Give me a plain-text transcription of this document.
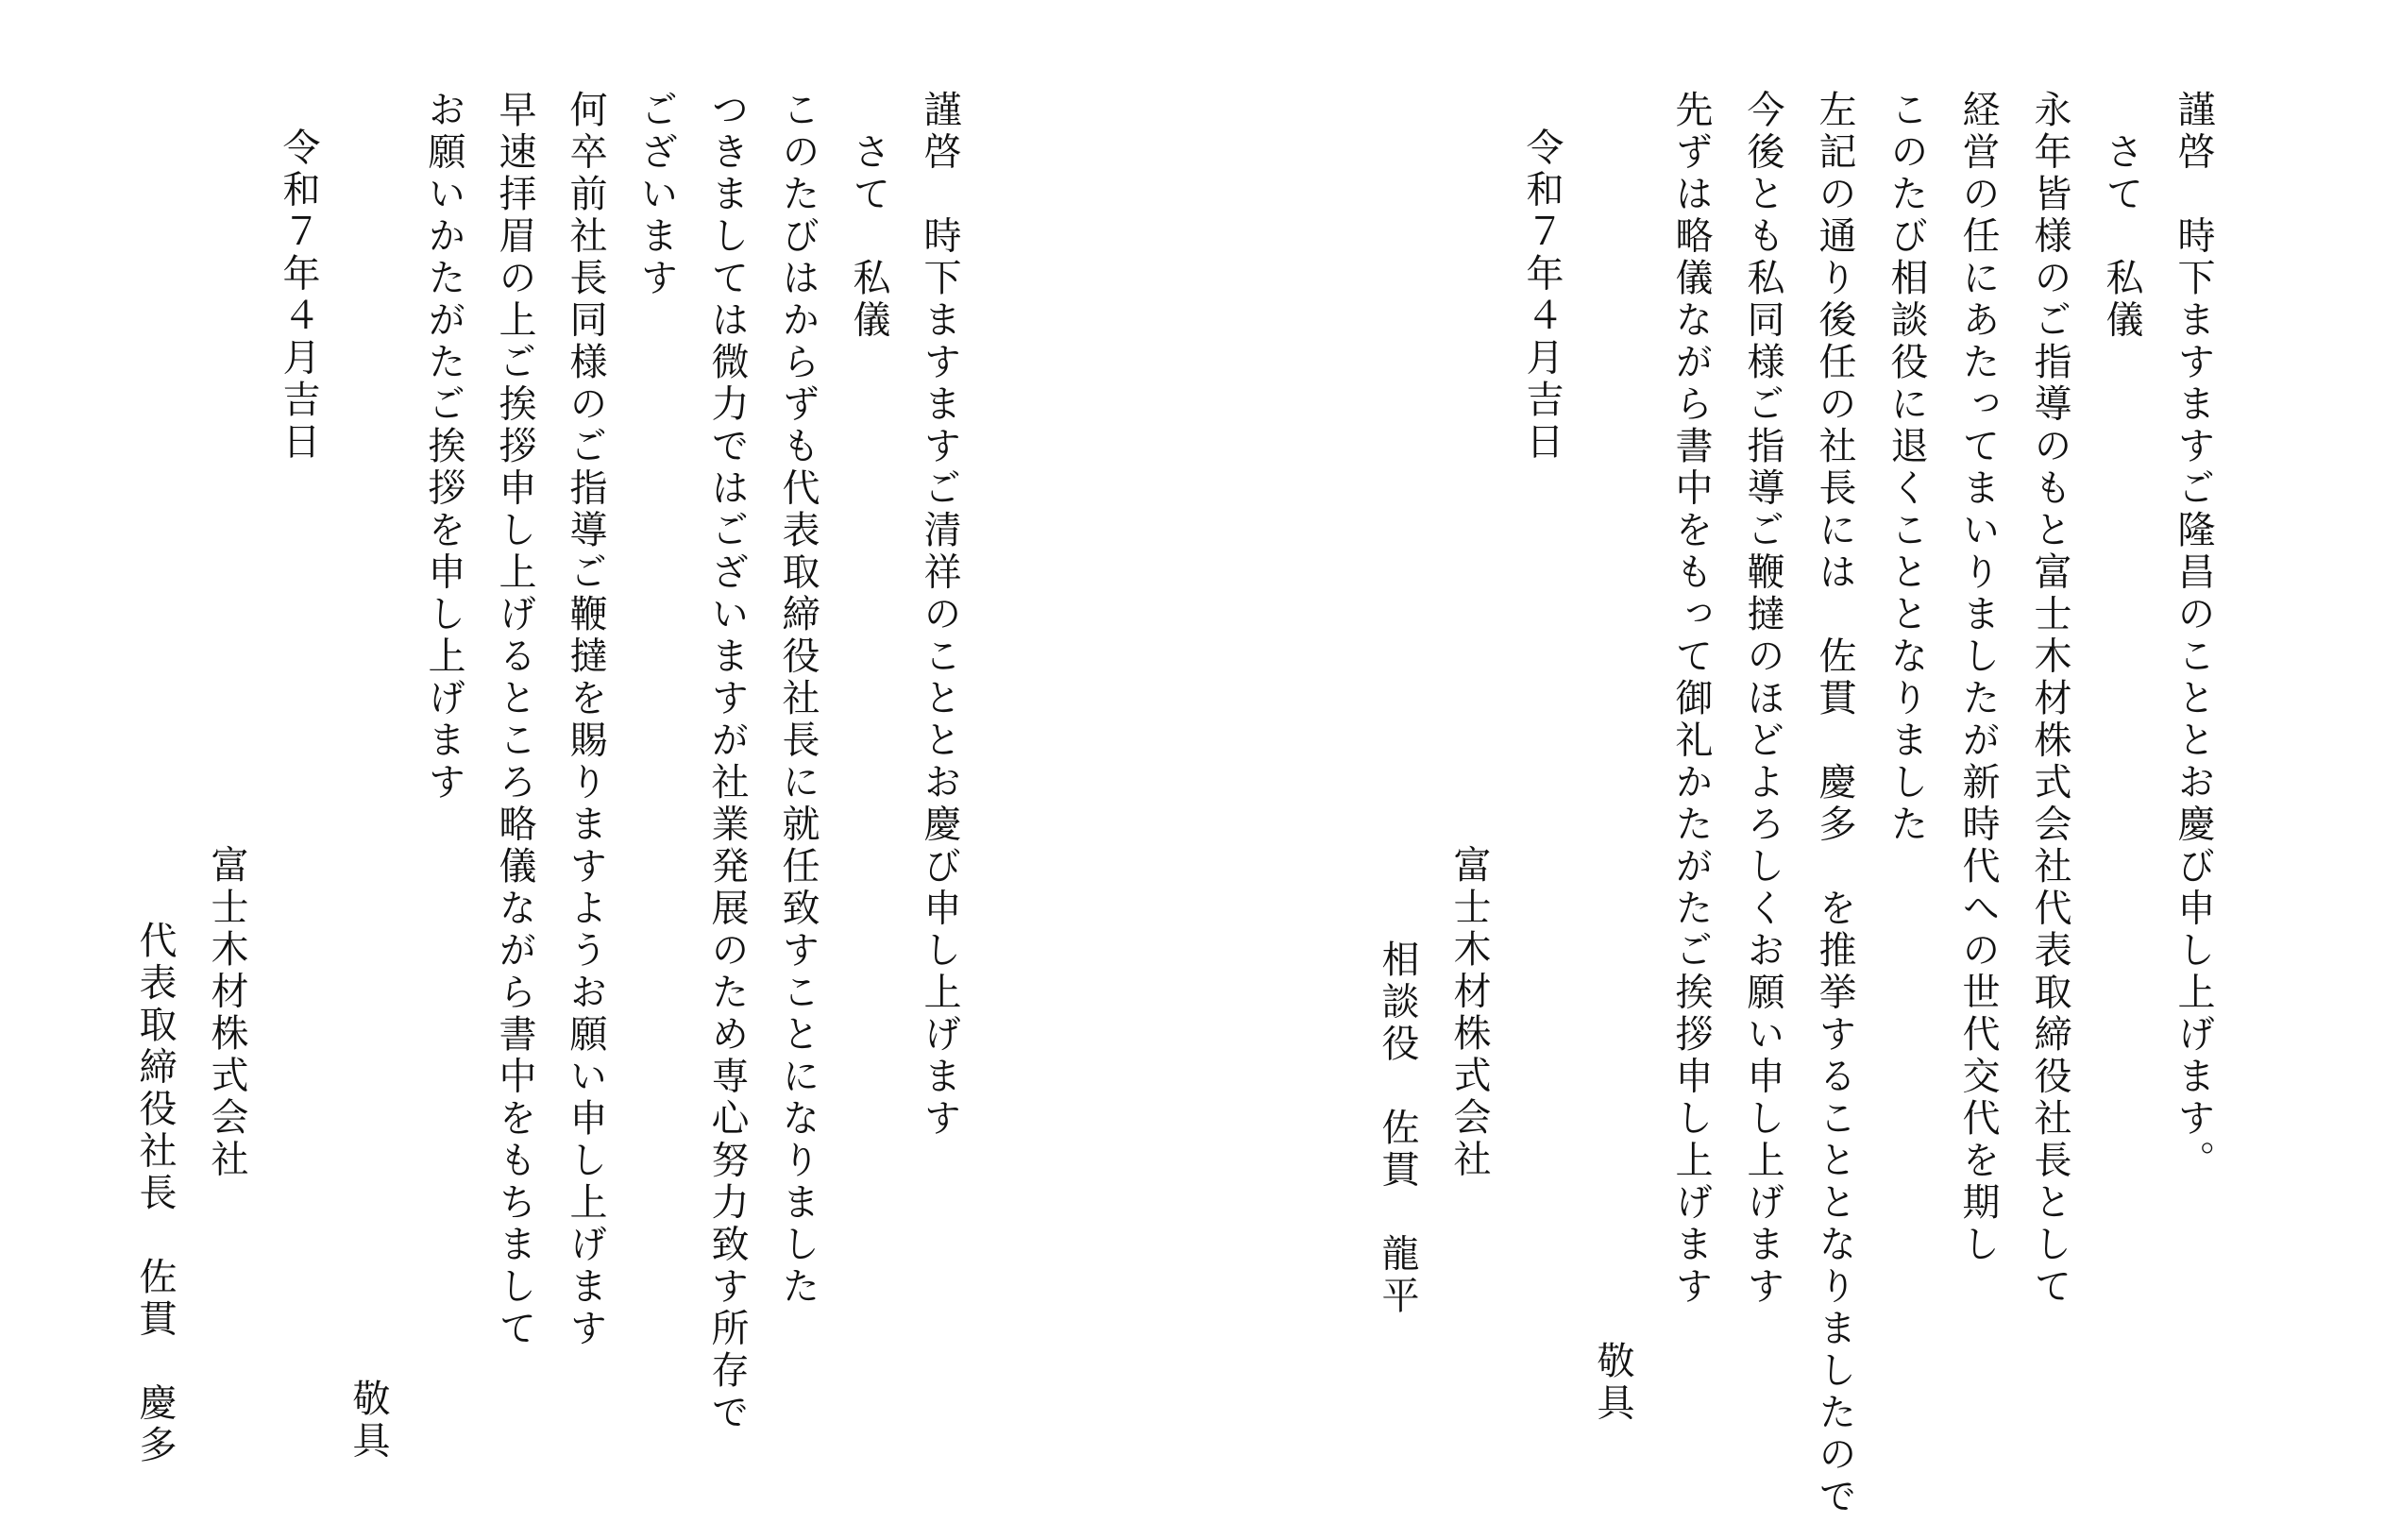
謹啓　時下ますますご隆昌のこととお慶び申し上げます。
　さて　私儀
永年皆様のご指導のもと富士木材株式会社代表取締役社長として
経営の任にあたってまいりましたが新時代への世代交代を期し
このたび相談役に退くこととなりました
左記の通り後任の社長には　佐貫　慶多　を推挙することとなりましたので
今後とも私同様ご指導ご鞭撻のほどよろしくお願い申し上げます
先ずは略儀ながら書中をもって御礼かたがたご挨拶申し上げます
敬具
令和７年４月吉日
富士木材株式会社
相談役　佐貫　龍平
謹啓　時下ますますご清祥のこととお慶び申し上げます
　さて　私儀
このたびはからずも代表取締役社長に就任致すことになりました
つきましては微力ではございますが社業発展のため専心努力致す所存で
ございます
何卒前社長同様のご指導ご鞭撻を賜りますようお願い申し上げます
早速拝眉の上ご挨拶申し上げるところ略儀ながら書中をもちまして
お願いかたがたご挨拶を申し上げます
敬具
令和７年４月吉日
富士木材株式会社
代表取締役社長　佐貫　慶多
